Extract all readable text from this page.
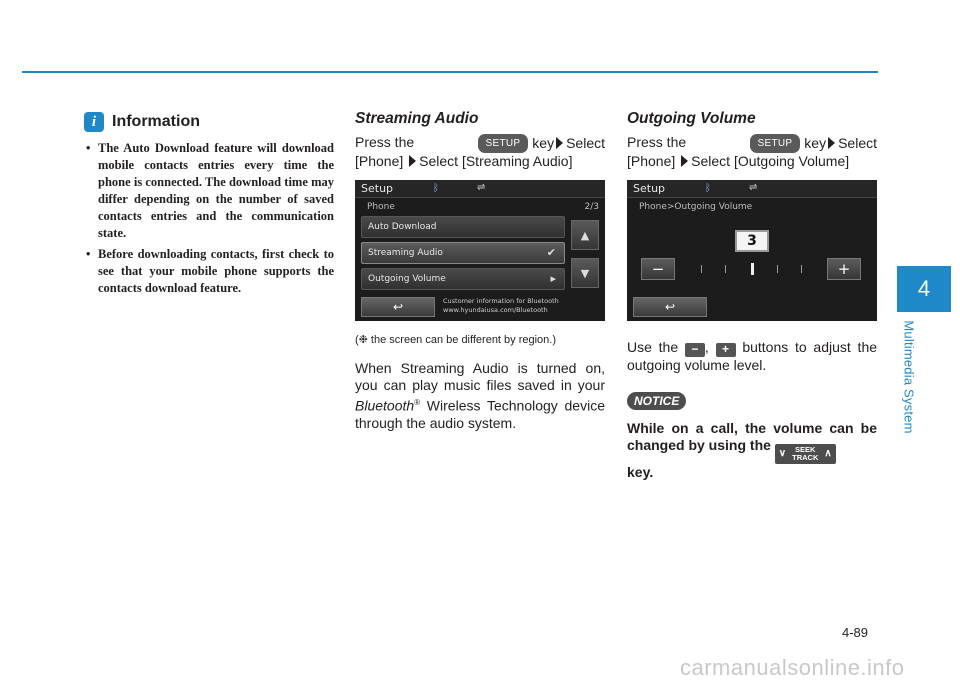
i Information
• The Auto Download feature will download mobile contacts entries every time the phone is connected. The download time may differ depending on the number of saved contacts entries and the communication state.
• Before downloading contacts, first check to see that your mobile phone supports the contacts download feature.
Streaming Audio
Press the	SETUP key Select
[Phone] Select [Streaming Audio]
Setup	ᛒ	⇌
Phone	2/3
Auto Download
Streaming Audio	✔
Outgoing Volume	▸
▲
▼
↩	Customer information for Bluetooth
www.hyundaiusa.com/Bluetooth
(❉ the screen can be different by region.)
When Streaming Audio is turned on, you can play music files saved in your Bluetooth® Wireless Technology device through the audio system.
Outgoing Volume
Press the	SETUP key Select
[Phone] Select [Outgoing Volume]
Setup	ᛒ	⇌
Phone>Outgoing Volume
3
−	+
↩
Use the − , + buttons to adjust the outgoing volume level.
NOTICE
While on a call, the volume can be changed by using the
∨	SEEK
TRACK ∧
key.
4
Multimedia System
4-89
carmanualsonline.info
